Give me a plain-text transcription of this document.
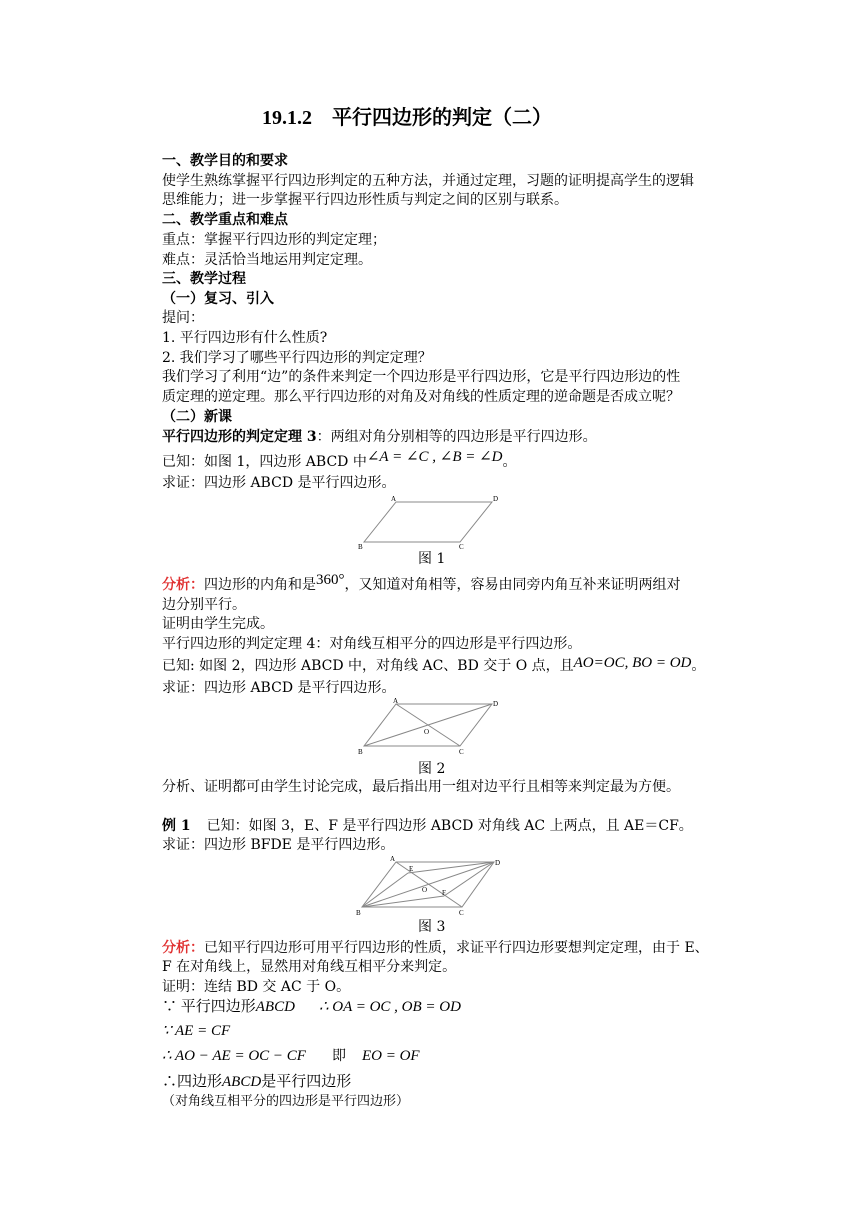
19.1.2　平行四边形的判定（二）
一、教学目的和要求
使学生熟练掌握平行四边形判定的五种方法，并通过定理，习题的证明提高学生的逻辑
思维能力；进一步掌握平行四边形性质与判定之间的区别与联系。
二、教学重点和难点
重点：掌握平行四边形的判定定理；
难点：灵活恰当地运用判定定理。
三、教学过程
（一）复习、引入
提问：
1. 平行四边形有什么性质?
2. 我们学习了哪些平行四边形的判定定理？
我们学习了利用“边”的条件来判定一个四边形是平行四边形，它是平行四边形边的性
质定理的逆定理。那么平行四边形的对角及对角线的性质定理的逆命题是否成立呢？
（二）新课
平行四边形的判定定理 3：两组对角分别相等的四边形是平行四边形。
已知：如图 1，四边形 ABCD 中∠A = ∠C , ∠B = ∠D。
求证：四边形 ABCD 是平行四边形。
A	D
B	C
图 1
分析：四边形的内角和是360°，又知道对角相等，容易由同旁内角互补来证明两组对
边分别平行。
证明由学生完成。
平行四边形的判定定理 4：对角线互相平分的四边形是平行四边形。
已知: 如图 2，四边形 ABCD 中，对角线 AC、BD 交于 O 点，且AO=OC, BO = OD。
求证：四边形 ABCD 是平行四边形。
A	D
B	C
O
图 2
分析、证明都可由学生讨论完成，最后指出用一组对边平行且相等来判定最为方便。
例 1 已知：如图 3，E、F 是平行四边形 ABCD 对角线 AC 上两点，且 AE＝CF。
求证：四边形 BFDE 是平行四边形。
A	D
B	C
E
O F
图 3
分析：已知平行四边形可用平行四边形的性质，求证平行四边形要想判定定理，由于 E、
F 在对角线上，显然用对角线互相平分来判定。
证明：连结 BD 交 AC 于 O。
∵ 平行四边形ABCD ∴ OA = OC , OB = OD
∵ AE = CF
∴ AO − AE = OC − CF 即 EO = OF
∴四边形ABCD是平行四边形
（对角线互相平分的四边形是平行四边形）
